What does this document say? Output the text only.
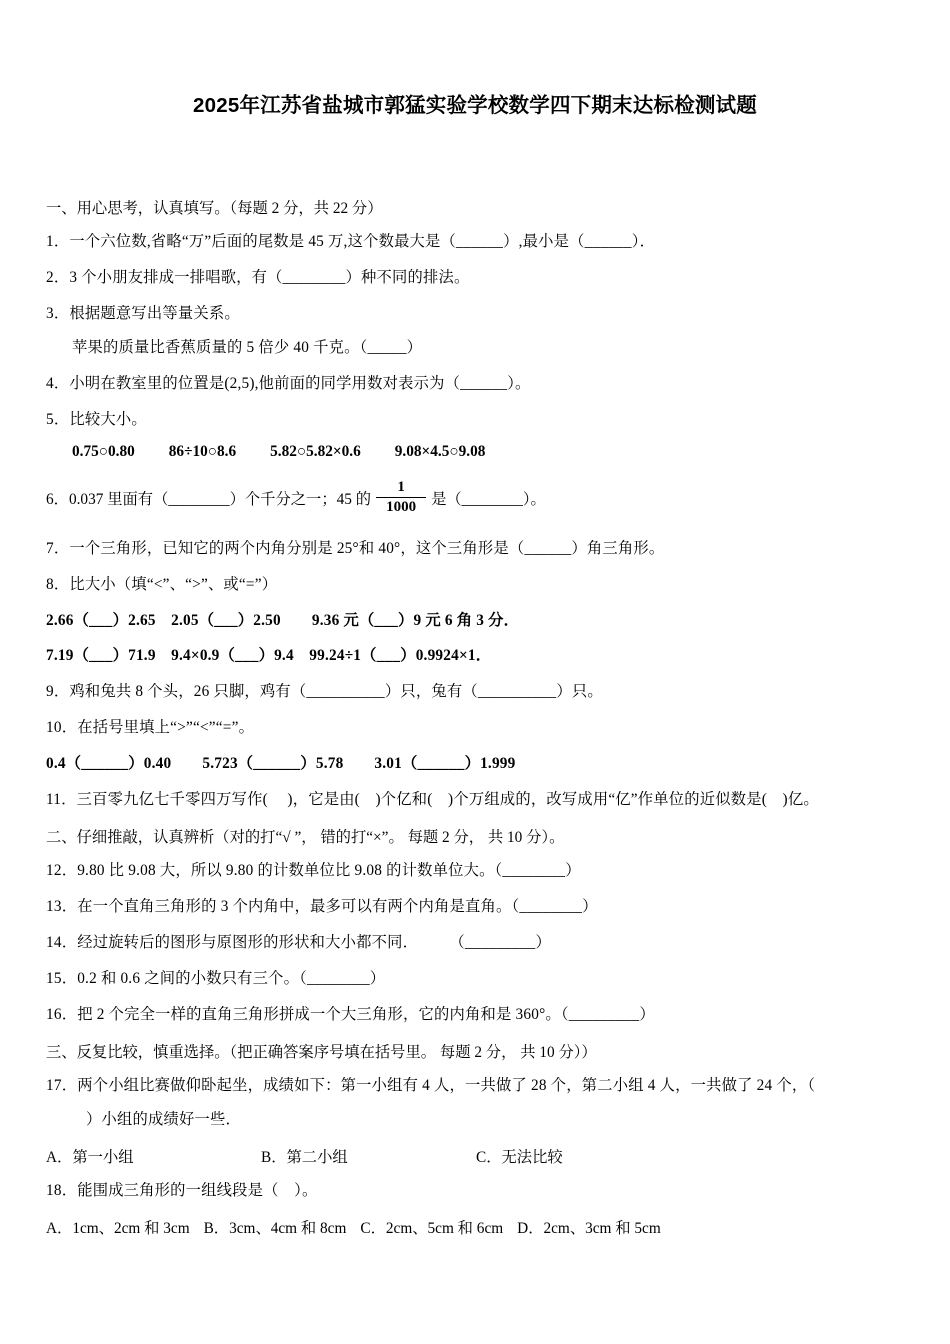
2025年江苏省盐城市郭猛实验学校数学四下期末达标检测试题
一、用心思考，认真填写。（每题 2 分，共 22 分）
1．一个六位数,省略“万”后面的尾数是 45 万,这个数最大是（______）,最小是（______）．
2．3 个小朋友排成一排唱歌，有（________）种不同的排法。
3．根据题意写出等量关系。
苹果的质量比香蕉质量的 5 倍少 40 千克。（_____）
4．小明在教室里的位置是(2,5),他前面的同学用数对表示为（______）。
5．比较大小。
0.75○0.80 86÷10○8.6 5.82○5.82×0.6 9.08×4.5○9.08
6．0.037 里面有（________）个千分之一；45 的 $\frac{1}{1000}$ 是（________）。
7．一个三角形，已知它的两个内角分别是 25°和 40°，这个三角形是（______）角三角形。
8．比大小（填“<”、“>”、或“=”）
2.66（___）2.65　2.05（___）2.50　　9.36 元（___）9 元 6 角 3 分．
7.19（___）71.9　9.4×0.9（___）9.4　99.24÷1（___）0.9924×1．
9．鸡和兔共 8 个头，26 只脚，鸡有（__________）只，兔有（__________）只。
10．在括号里填上“>”“<”“=”。
0.4（______）0.40　　5.723（______）5.78　　3.01（______）1.999
11．三百零九亿七千零四万写作(　 )，它是由(　)个亿和(　)个万组成的，改写成用“亿”作单位的近似数是(　)亿。
二、仔细推敲，认真辨析（对的打“√ ”， 错的打“×”。 每题 2 分， 共 10 分）。
12．9.80 比 9.08 大，所以 9.80 的计数单位比 9.08 的计数单位大。（________）
13．在一个直角三角形的 3 个内角中，最多可以有两个内角是直角。（________）
14．经过旋转后的图形与原图形的形状和大小都不同．　　　（_________）
15．0.2 和 0.6 之间的小数只有三个。（________）
16．把 2 个完全一样的直角三角形拼成一个大三角形，它的内角和是 360°。（_________）
三、反复比较，慎重选择。（把正确答案序号填在括号里。 每题 2 分， 共 10 分））
17．两个小组比赛做仰卧起坐，成绩如下：第一小组有 4 人，一共做了 28 个，第二小组 4 人，一共做了 24 个，（
）小组的成绩好一些．
A．第一小组	B．第二小组	C．无法比较
18．能围成三角形的一组线段是（　）。
A．1cm、2cm 和 3cm B．3cm、4cm 和 8cm C．2cm、5cm 和 6cm D．2cm、3cm 和 5cm
